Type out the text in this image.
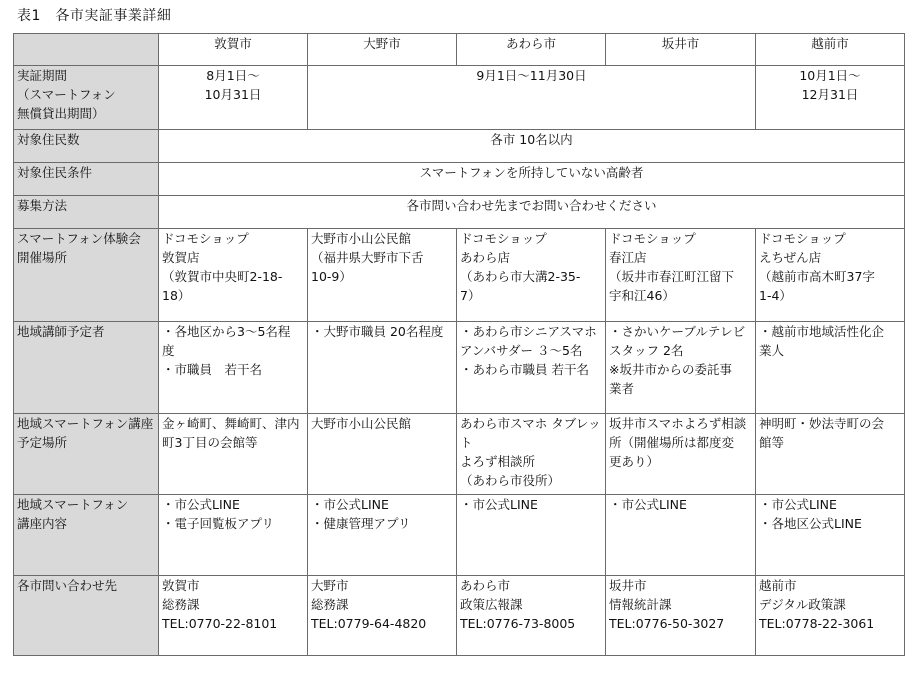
表1　各市実証事業詳細
	敦賀市	大野市	あわら市	坂井市	越前市
実証期間
（スマートフォン
無償貸出期間）	8月1日～
10月31日	9月1日～11月30日			10月1日～
12月31日
対象住民数	各市 10名以内				
対象住民条件	スマートフォンを所持していない高齢者				
募集方法	各市問い合わせ先までお問い合わせください				
スマートフォン体験会
開催場所	ドコモショップ
敦賀店
（敦賀市中央町2-18-
18）	大野市小山公民館
（福井県大野市下舌
10-9）	ドコモショップ
あわら店
（あわら市大溝2-35-
7）	ドコモショップ
春江店
（坂井市春江町江留下
宇和江46）	ドコモショップ
えちぜん店
（越前市高木町37字
1-4）
地域講師予定者	・各地区から3～5名程
度
・市職員　若干名	・大野市職員 20名程度	・あわら市シニアスマホ
アンバサダー ３～5名
・あわら市職員 若干名	・さかいケーブルテレビ
スタッフ 2名
※坂井市からの委託事
業者	・越前市地域活性化企
業人
地域スマートフォン講座
予定場所	金ヶ崎町、舞崎町、津内
町3丁目の会館等	大野市小山公民館	あわら市スマホ タブレット
よろず相談所
（あわら市役所）	坂井市スマホよろず相談
所（開催場所は都度変
更あり）	神明町・妙法寺町の会
館等
地域スマートフォン
講座内容	・市公式LINE
・電子回覧板アプリ	・市公式LINE
・健康管理アプリ	・市公式LINE	・市公式LINE	・市公式LINE
・各地区公式LINE
各市問い合わせ先	敦賀市
総務課
TEL:0770-22-8101	大野市
総務課
TEL:0779-64-4820	あわら市
政策広報課
TEL:0776-73-8005	坂井市
情報統計課
TEL:0776-50-3027	越前市
デジタル政策課
TEL:0778-22-3061
